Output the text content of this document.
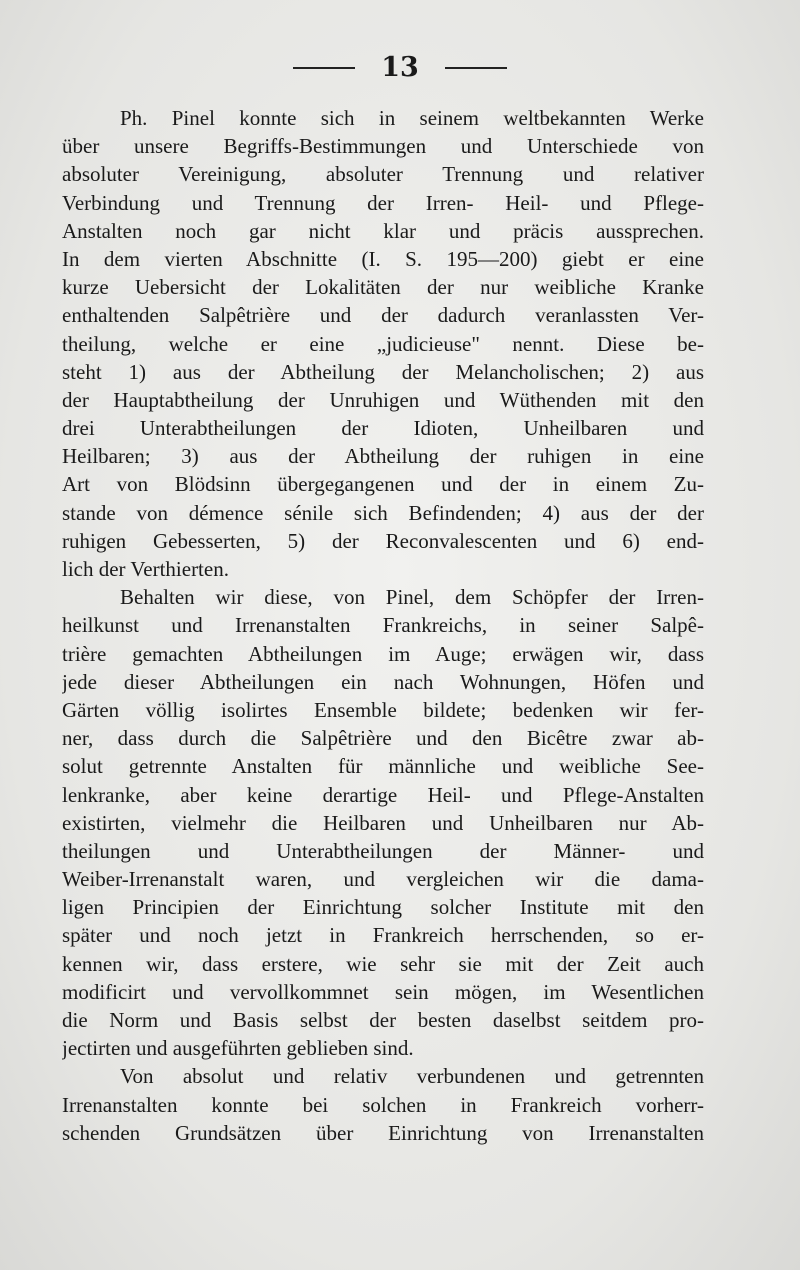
13
Ph. Pinel konnte sich in seinem weltbekannten Werke
über unsere Begriffs-Bestimmungen und Unterschiede von
absoluter Vereinigung, absoluter Trennung und relativer
Verbindung und Trennung der Irren- Heil- und Pflege-
Anstalten noch gar nicht klar und präcis aussprechen.
In dem vierten Abschnitte (I. S. 195—200) giebt er eine
kurze Uebersicht der Lokalitäten der nur weibliche Kranke
enthaltenden Salpêtrière und der dadurch veranlassten Ver-
theilung, welche er eine „judicieuse" nennt. Diese be-
steht 1) aus der Abtheilung der Melancholischen; 2) aus
der Hauptabtheilung der Unruhigen und Wüthenden mit den
drei Unterabtheilungen der Idioten, Unheilbaren und
Heilbaren; 3) aus der Abtheilung der ruhigen in eine
Art von Blödsinn übergegangenen und der in einem Zu-
stande von démence sénile sich Befindenden; 4) aus der der
ruhigen Gebesserten, 5) der Reconvalescenten und 6) end-
lich der Verthierten.
Behalten wir diese, von Pinel, dem Schöpfer der Irren-
heilkunst und Irrenanstalten Frankreichs, in seiner Salpê-
trière gemachten Abtheilungen im Auge; erwägen wir, dass
jede dieser Abtheilungen ein nach Wohnungen, Höfen und
Gärten völlig isolirtes Ensemble bildete; bedenken wir fer-
ner, dass durch die Salpêtrière und den Bicêtre zwar ab-
solut getrennte Anstalten für männliche und weibliche See-
lenkranke, aber keine derartige Heil- und Pflege-Anstalten
existirten, vielmehr die Heilbaren und Unheilbaren nur Ab-
theilungen und Unterabtheilungen der Männer- und
Weiber-Irrenanstalt waren, und vergleichen wir die dama-
ligen Principien der Einrichtung solcher Institute mit den
später und noch jetzt in Frankreich herrschenden, so er-
kennen wir, dass erstere, wie sehr sie mit der Zeit auch
modificirt und vervollkommnet sein mögen, im Wesentlichen
die Norm und Basis selbst der besten daselbst seitdem pro-
jectirten und ausgeführten geblieben sind.
Von absolut und relativ verbundenen und getrennten
Irrenanstalten konnte bei solchen in Frankreich vorherr-
schenden Grundsätzen über Einrichtung von Irrenanstalten
